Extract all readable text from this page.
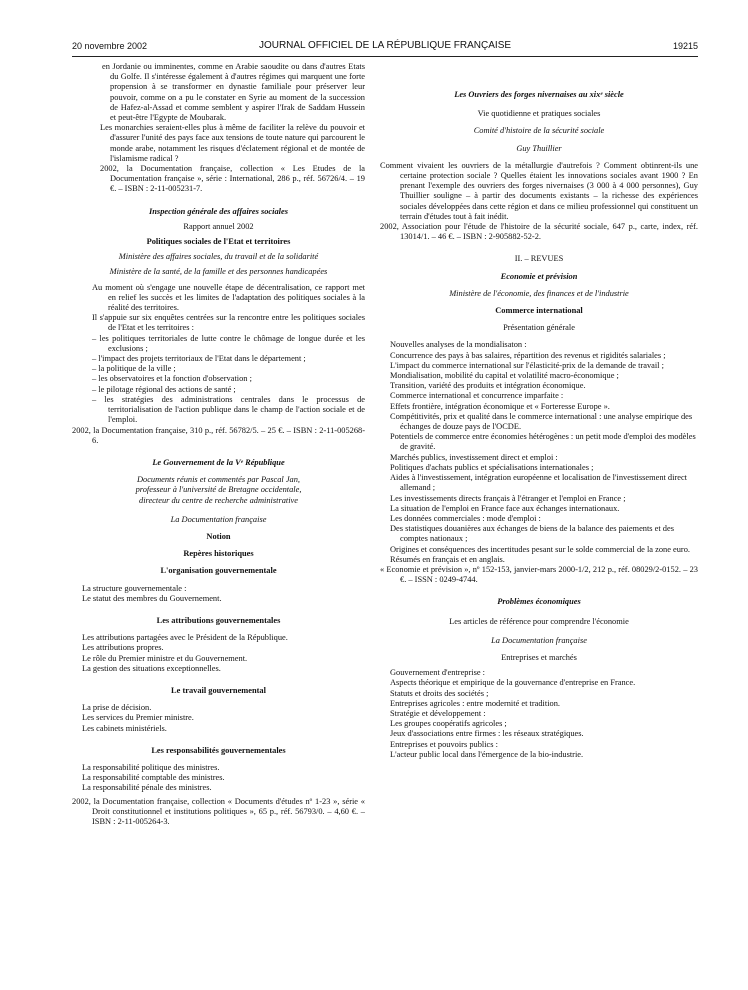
20 novembre 2002	JOURNAL OFFICIEL DE LA RÉPUBLIQUE FRANÇAISE	19215

en Jordanie ou imminentes, comme en Arabie saoudite ou dans d'autres Etats du Golfe. Il s'intéresse également à d'autres régimes qui marquent une forte propension à se transformer en dynastie familiale pour préserver leur pouvoir, comme on a pu le constater en Syrie au moment de la succession de Hafez-al-Assad et comme semblent y aspirer l'Irak de Saddam Hussein et peut-être l'Egypte de Moubarak.

Les monarchies seraient-elles plus à même de faciliter la relève du pouvoir et d'assurer l'unité des pays face aux tensions de toute nature qui parcourent le monde arabe, notamment les risques d'éclatement régional et de montée de l'islamisme radical ?

2002, la Documentation française, collection « Les Etudes de la Documentation française », série : International, 286 p., réf. 56726/4. – 19 €. – ISBN : 2-11-005231-7.

Inspection générale des affaires sociales

Rapport annuel 2002

Politiques sociales de l'Etat et territoires

Ministère des affaires sociales, du travail et de la solidarité

Ministère de la santé, de la famille et des personnes handicapées

Au moment où s'engage une nouvelle étape de décentralisation, ce rapport met en relief les succès et les limites de l'adaptation des politiques sociales à la réalité des territoires.

Il s'appuie sur six enquêtes centrées sur la rencontre entre les politiques sociales de l'Etat et les territoires :

– les politiques territoriales de lutte contre le chômage de longue durée et les exclusions ;

– l'impact des projets territoriaux de l'Etat dans le département ;

– la politique de la ville ;

– les observatoires et la fonction d'observation ;

– le pilotage régional des actions de santé ;

– les stratégies des administrations centrales dans le processus de territorialisation de l'action publique dans le champ de l'action sociale et de l'emploi.

2002, la Documentation française, 310 p., réf. 56782/5. – 25 €. – ISBN : 2-11-005268-6.

Le Gouvernement de la Vᵉ République

Documents réunis et commentés par Pascal Jan,

professeur à l'université de Bretagne occidentale,

directeur du centre de recherche administrative

La Documentation française

Notion

Repères historiques

L'organisation gouvernementale

La structure gouvernementale :

Le statut des membres du Gouvernement.

Les attributions gouvernementales

Les attributions partagées avec le Président de la République.

Les attributions propres.

Le rôle du Premier ministre et du Gouvernement.

La gestion des situations exceptionnelles.

Le travail gouvernemental

La prise de décision.

Les services du Premier ministre.

Les cabinets ministériels.

Les responsabilités gouvernementales

La responsabilité politique des ministres.

La responsabilité comptable des ministres.

La responsabilité pénale des ministres.

2002, la Documentation française, collection « Documents d'études nº 1-23 », série « Droit constitutionnel et institutions politiques », 65 p., réf. 56793/0. – 4,60 €. – ISBN : 2-11-005264-3.

Les Ouvriers des forges nivernaises au xixᵉ siècle

Vie quotidienne et pratiques sociales

Comité d'histoire de la sécurité sociale

Guy Thuillier

Comment vivaient les ouvriers de la métallurgie d'autrefois ? Comment obtinrent-ils une certaine protection sociale ? Quelles étaient les innovations sociales avant 1900 ? En prenant l'exemple des ouvriers des forges nivernaises (3 000 à 4 000 personnes), Guy Thuillier souligne – à partir des documents existants – la richesse des expériences sociales développées dans cette région et dans ce milieu professionnel qui constituent un terrain d'études tout à fait inédit.

2002, Association pour l'étude de l'histoire de la sécurité sociale, 647 p., carte, index, réf. 13014/1. – 46 €. – ISBN : 2-905882-52-2.

II. – REVUES

Economie et prévision

Ministère de l'économie, des finances et de l'industrie

Commerce international

Présentation générale

Nouvelles analyses de la mondialisaton :

Concurrence des pays à bas salaires, répartition des revenus et rigidités salariales ;

L'impact du commerce international sur l'élasticité-prix de la demande de travail ;

Mondialisation, mobilité du capital et volatilité macro-économique ;

Transition, variété des produits et intégration économique.

Commerce international et concurrence imparfaite :

Effets frontière, intégration économique et « Forteresse Europe ».

Compétitivités, prix et qualité dans le commerce international : une analyse empirique des échanges de douze pays de l'OCDE.

Potentiels de commerce entre économies hétérogènes : un petit mode d'emploi des modèles de gravité.

Marchés publics, investissement direct et emploi :

Politiques d'achats publics et spécialisations internationales ;

Aides à l'investissement, intégration européenne et localisation de l'investissement direct allemand ;

Les investissements directs français à l'étranger et l'emploi en France ;

La situation de l'emploi en France face aux échanges internationaux.

Les données commerciales : mode d'emploi :

Des statistiques douanières aux échanges de biens de la balance des paiements et des comptes nationaux ;

Origines et conséquences des incertitudes pesant sur le solde commercial de la zone euro.

Résumés en français et en anglais.

« Economie et prévision », nº 152-153, janvier-mars 2000-1/2, 212 p., réf. 08029/2-0152. – 23 €. – ISSN : 0249-4744.

Problèmes économiques

Les articles de référence pour comprendre l'économie

La Documentation française

Entreprises et marchés

Gouvernement d'entreprise :

Aspects théorique et empirique de la gouvernance d'entreprise en France.

Statuts et droits des sociétés ;

Entreprises agricoles : entre modernité et tradition.

Stratégie et développement :

Les groupes coopératifs agricoles ;

Jeux d'associations entre firmes : les réseaux stratégiques.

Entreprises et pouvoirs publics :

L'acteur public local dans l'émergence de la bio-industrie.
